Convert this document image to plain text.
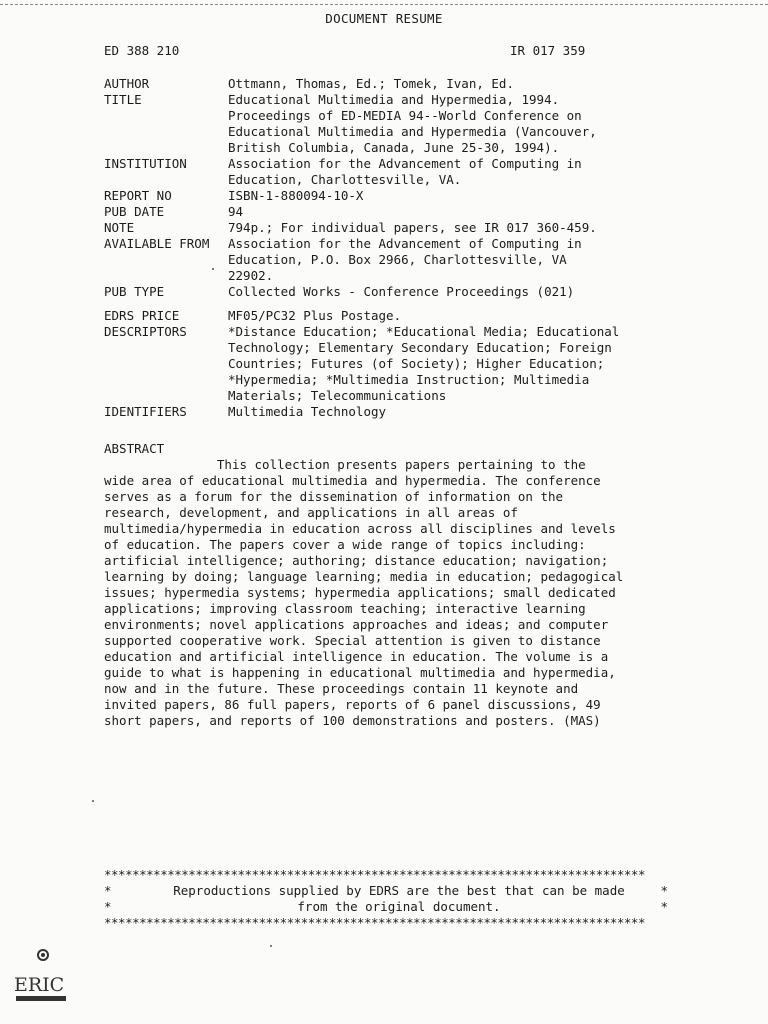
DOCUMENT RESUME
ED 388 210	IR 017 359
AUTHOR	Ottmann, Thomas, Ed.; Tomek, Ivan, Ed.
TITLE	Educational Multimedia and Hypermedia, 1994.
Proceedings of ED-MEDIA 94--World Conference on
Educational Multimedia and Hypermedia (Vancouver,
British Columbia, Canada, June 25-30, 1994).
INSTITUTION	Association for the Advancement of Computing in
Education, Charlottesville, VA.
REPORT NO	ISBN-1-880094-10-X
PUB DATE	94
NOTE	794p.; For individual papers, see IR 017 360-459.
AVAILABLE FROM	Association for the Advancement of Computing in
Education, P.O. Box 2966, Charlottesville, VA
22902.
PUB TYPE	Collected Works - Conference Proceedings (021)
EDRS PRICE	MF05/PC32 Plus Postage.
DESCRIPTORS	*Distance Education; *Educational Media; Educational
Technology; Elementary Secondary Education; Foreign
Countries; Futures (of Society); Higher Education;
*Hypermedia; *Multimedia Instruction; Multimedia
Materials; Telecommunications
IDENTIFIERS	Multimedia Technology
ABSTRACT
This collection presents papers pertaining to the
wide area of educational multimedia and hypermedia. The conference
serves as a forum for the dissemination of information on the
research, development, and applications in all areas of
multimedia/hypermedia in education across all disciplines and levels
of education. The papers cover a wide range of topics including:
artificial intelligence; authoring; distance education; navigation;
learning by doing; language learning; media in education; pedagogical
issues; hypermedia systems; hypermedia applications; small dedicated
applications; improving classroom teaching; interactive learning
environments; novel applications approaches and ideas; and computer
supported cooperative work. Special attention is given to distance
education and artificial intelligence in education. The volume is a
guide to what is happening in educational multimedia and hypermedia,
now and in the future. These proceedings contain 11 keynote and
invited papers, 86 full papers, reports of 6 panel discussions, 49
short papers, and reports of 100 demonstrations and posters. (MAS)
*****************************************************************************
*	Reproductions supplied by EDRS are the best that can be made	*
*	from the original document.	*
*****************************************************************************
ERIC
